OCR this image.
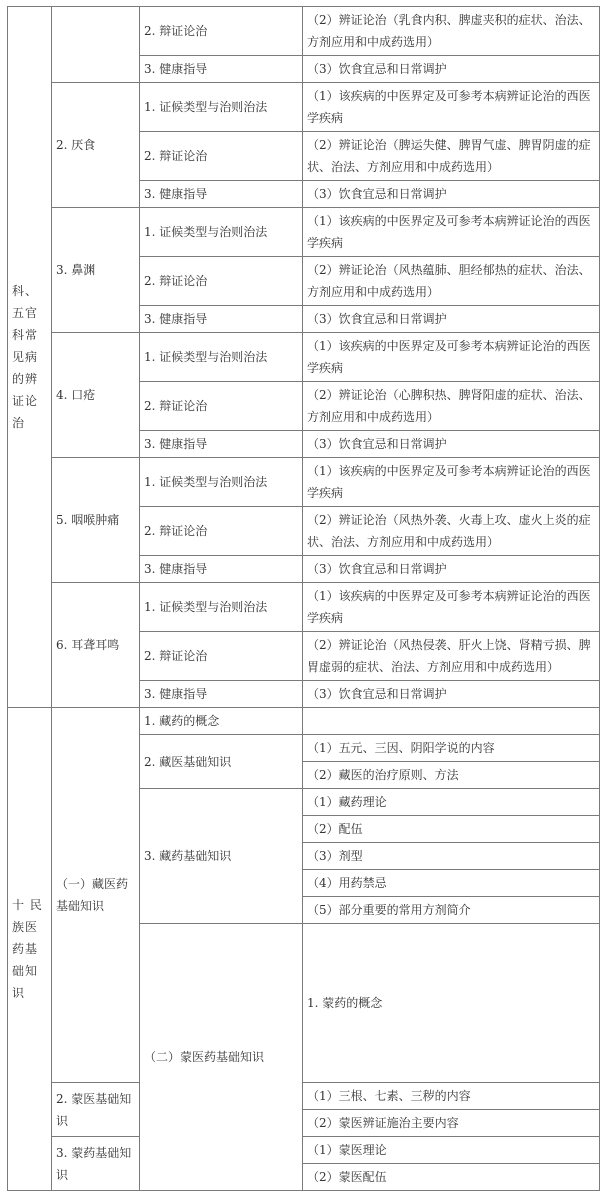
科、五官科常见病的辨证论治		2. 辩证论治	（2）辨证论治（乳食内积、脾虚夹积的症状、治法、方剂应用和中成药选用）	
		3. 健康指导	（3）饮食宜忌和日常调护	
	2. 厌食	1. 证候类型与治则治法	（1）该疾病的中医界定及可参考本病辨证论治的西医学疾病	
		2. 辩证论治	（2）辨证论治（脾运失健、脾胃气虚、脾胃阴虚的症状、治法、方剂应用和中成药选用）	
		3. 健康指导	（3）饮食宜忌和日常调护	
	3. 鼻渊	1. 证候类型与治则治法	（1）该疾病的中医界定及可参考本病辨证论治的西医学疾病	
		2. 辩证论治	（2）辨证论治（风热蕴肺、胆经郁热的症状、治法、方剂应用和中成药选用）	
		3. 健康指导	（3）饮食宜忌和日常调护	
	4. 口疮	1. 证候类型与治则治法	（1）该疾病的中医界定及可参考本病辨证论治的西医学疾病	
		2. 辩证论治	（2）辨证论治（心脾积热、脾肾阳虚的症状、治法、方剂应用和中成药选用）	
		3. 健康指导	（3）饮食宜忌和日常调护	
	5. 咽喉肿痛	1. 证候类型与治则治法	（1）该疾病的中医界定及可参考本病辨证论治的西医学疾病	
		2. 辩证论治	（2）辨证论治（风热外袭、火毒上攻、虚火上炎的症状、治法、方剂应用和中成药选用）	
		3. 健康指导	（3）饮食宜忌和日常调护	
	6. 耳聋耳鸣	1. 证候类型与治则治法	（1）该疾病的中医界定及可参考本病辨证论治的西医学疾病	
		2. 辩证论治	（2）辨证论治（风热侵袭、肝火上饶、肾精亏损、脾胃虚弱的症状、治法、方剂应用和中成药选用）	
		3. 健康指导	（3）饮食宜忌和日常调护	
十 民族医药基础知识	（一）藏医药基础知识	1. 藏药的概念		
		2. 藏医基础知识	（1）五元、三因、阴阳学说的内容	
			（2）藏医的治疗原则、方法	
		3. 藏药基础知识	（1）藏药理论	
			（2）配伍	
			（3）剂型	
			（4）用药禁忌	
			（5）部分重要的常用方剂简介	
		（二）蒙医药基础知识	1. 蒙药的概念	
	2. 蒙医基础知识		（1）三根、七素、三秽的内容	
			（2）蒙医辨证施治主要内容	
	3. 蒙药基础知识		（1）蒙医理论	
			（2）蒙医配伍	
